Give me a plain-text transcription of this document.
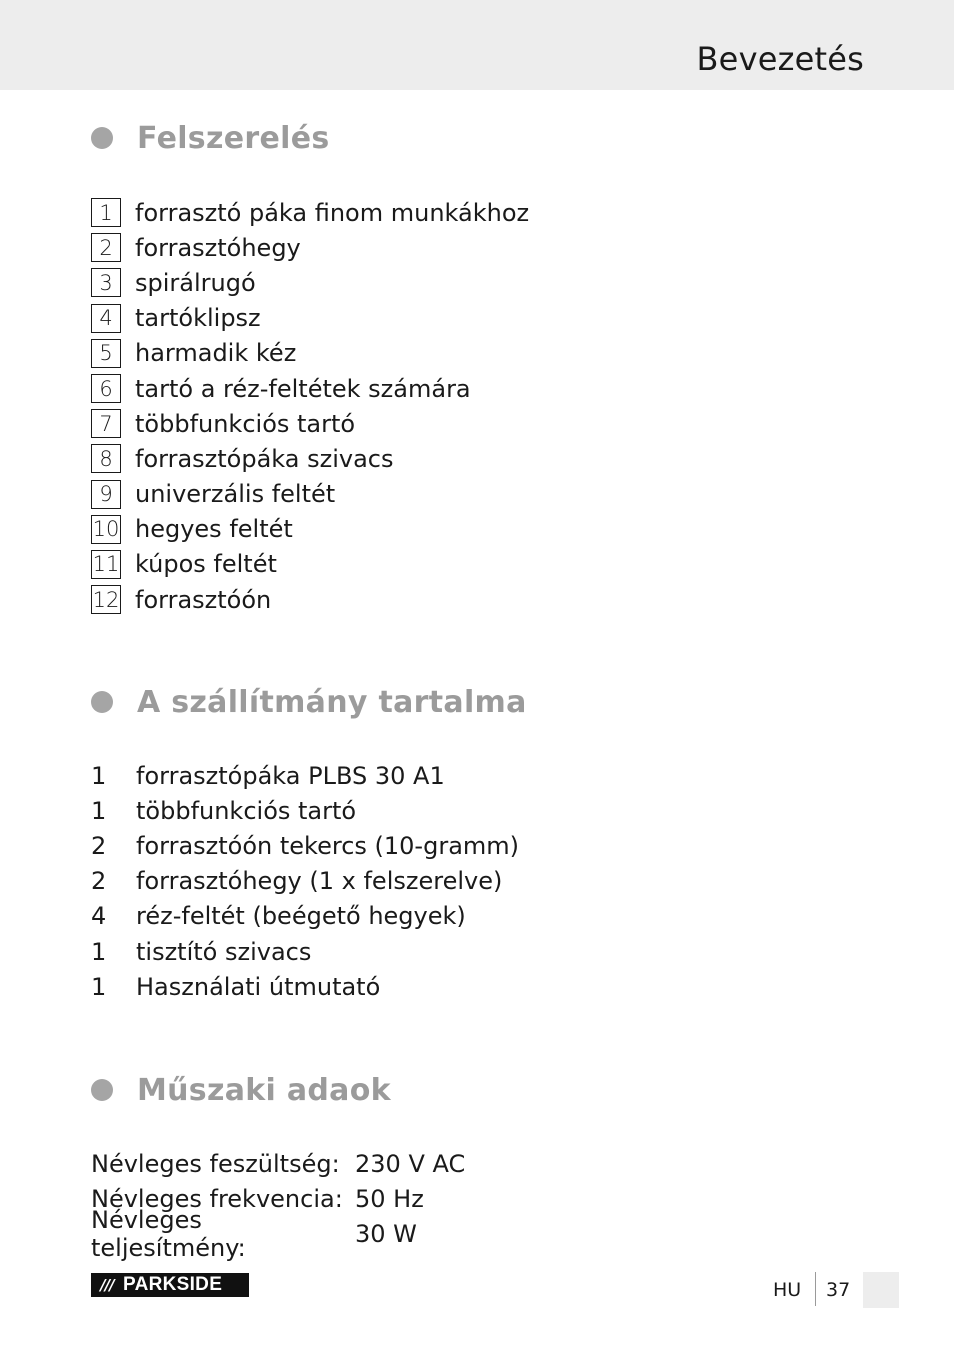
Bevezetés
Felszerelés
1 forrasztó páka finom munkákhoz
2 forrasztóhegy
3 spirálrugó
4 tartóklipsz
5 harmadik kéz
6 tartó a réz-feltétek számára
7 többfunkciós tartó
8 forrasztópáka szivacs
9 univerzális feltét
10 hegyes feltét
11 kúpos feltét
12 forrasztóón
A szállítmány tartalma
1	forrasztópáka PLBS 30 A1
1	többfunkciós tartó
2	forrasztóón tekercs (10-gramm)
2	forrasztóhegy (1 x felszerelve)
4	réz-feltét (beégető hegyek)
1	tisztító szivacs
1	Használati útmutató
Műszaki adaok
Névleges feszültség: 230 V AC
Névleges frekvencia: 50 Hz
Névleges teljesítmény:	30 W
/// PARKSIDE	HU 37
